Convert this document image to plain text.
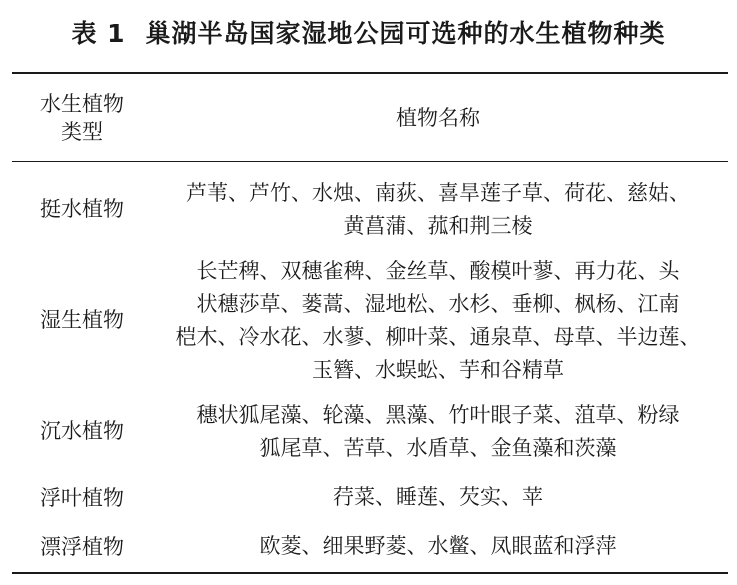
表 1 巢湖半岛国家湿地公园可选种的水生植物种类
水生植物
类型
植物名称
挺水植物
芦苇、芦竹、水烛、南荻、喜旱莲子草、荷花、慈姑、
黄菖蒲、菰和荆三棱
湿生植物
长芒稗、双穗雀稗、金丝草、酸模叶蓼、再力花、头
状穗莎草、蒌蒿、湿地松、水杉、垂柳、枫杨、江南
桤木、冷水花、水蓼、柳叶菜、通泉草、母草、半边莲、
玉簪、水蜈蚣、芋和谷精草
沉水植物
穗状狐尾藻、轮藻、黑藻、竹叶眼子菜、菹草、粉绿
狐尾草、苦草、水盾草、金鱼藻和茨藻
浮叶植物	荇菜、睡莲、芡实、苹
漂浮植物	欧菱、细果野菱、水鳖、凤眼蓝和浮萍
